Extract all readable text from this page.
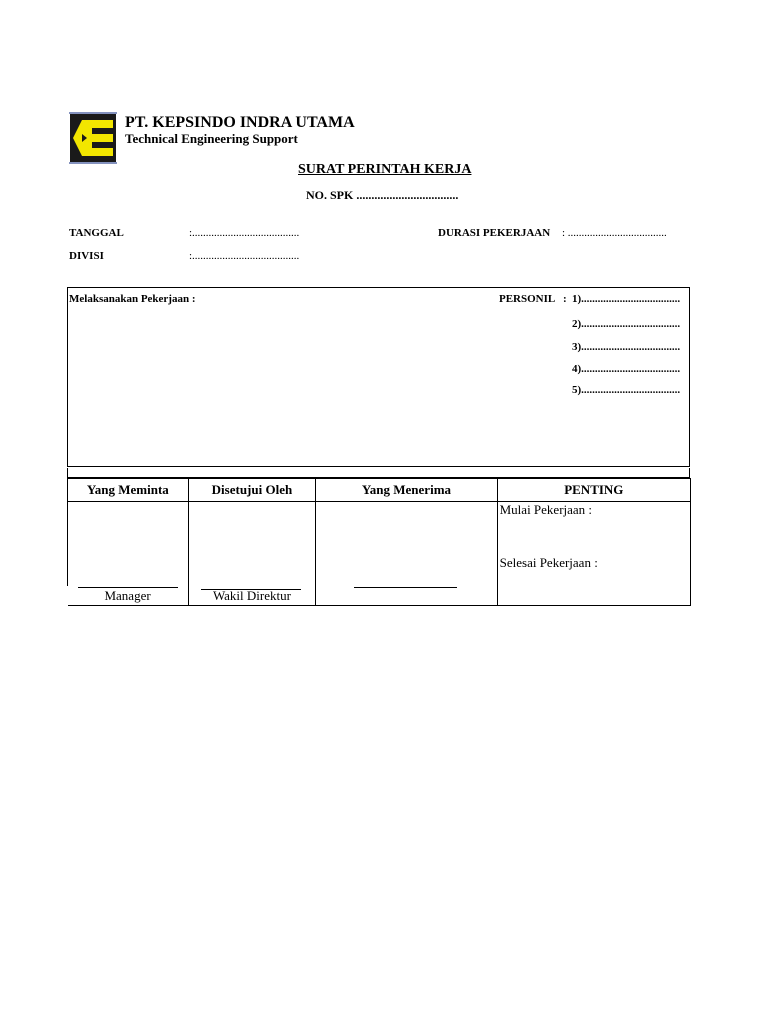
PT. KEPSINDO INDRA UTAMA
Technical Engineering Support
SURAT PERINTAH KERJA
NO. SPK ..................................
TANGGAL	:.......................................
DIVISI	:.......................................
DURASI PEKERJAAN : ....................................
Melaksanakan Pekerjaan :	PERSONIL : 1)....................................
2)....................................
3)....................................
4)....................................
5)....................................
Yang Meminta	Disetujui Oleh	Yang Menerima	PENTING

Manager	Wakil Direktur		Mulai Pekerjaan :
Selesai Pekerjaan :
